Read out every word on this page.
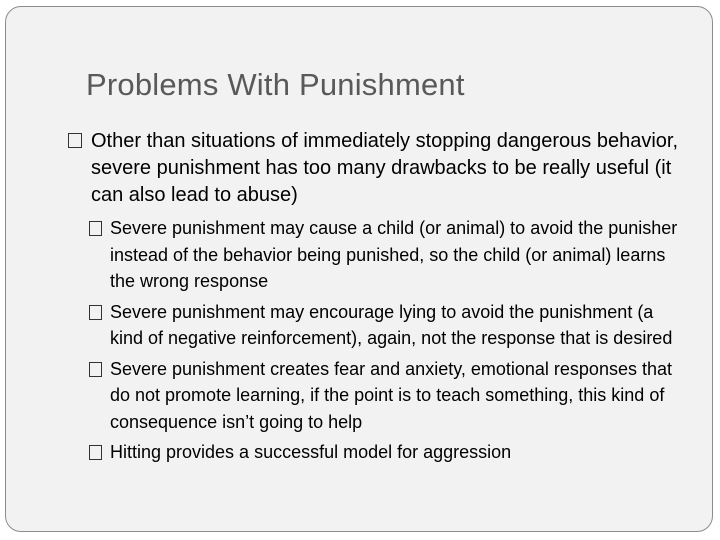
Problems With Punishment
Other than situations of immediately stopping dangerous behavior, severe punishment has too many drawbacks to be really useful (it can also lead to abuse)
Severe punishment may cause a child (or animal) to avoid the punisher instead of the behavior being punished, so the child (or animal) learns the wrong response
Severe punishment may encourage lying to avoid the punishment (a kind of negative reinforcement), again, not the response that is desired
Severe punishment creates fear and anxiety, emotional responses that do not promote learning, if the point is to teach something, this kind of consequence isn’t going to help
Hitting provides a successful model for aggression
